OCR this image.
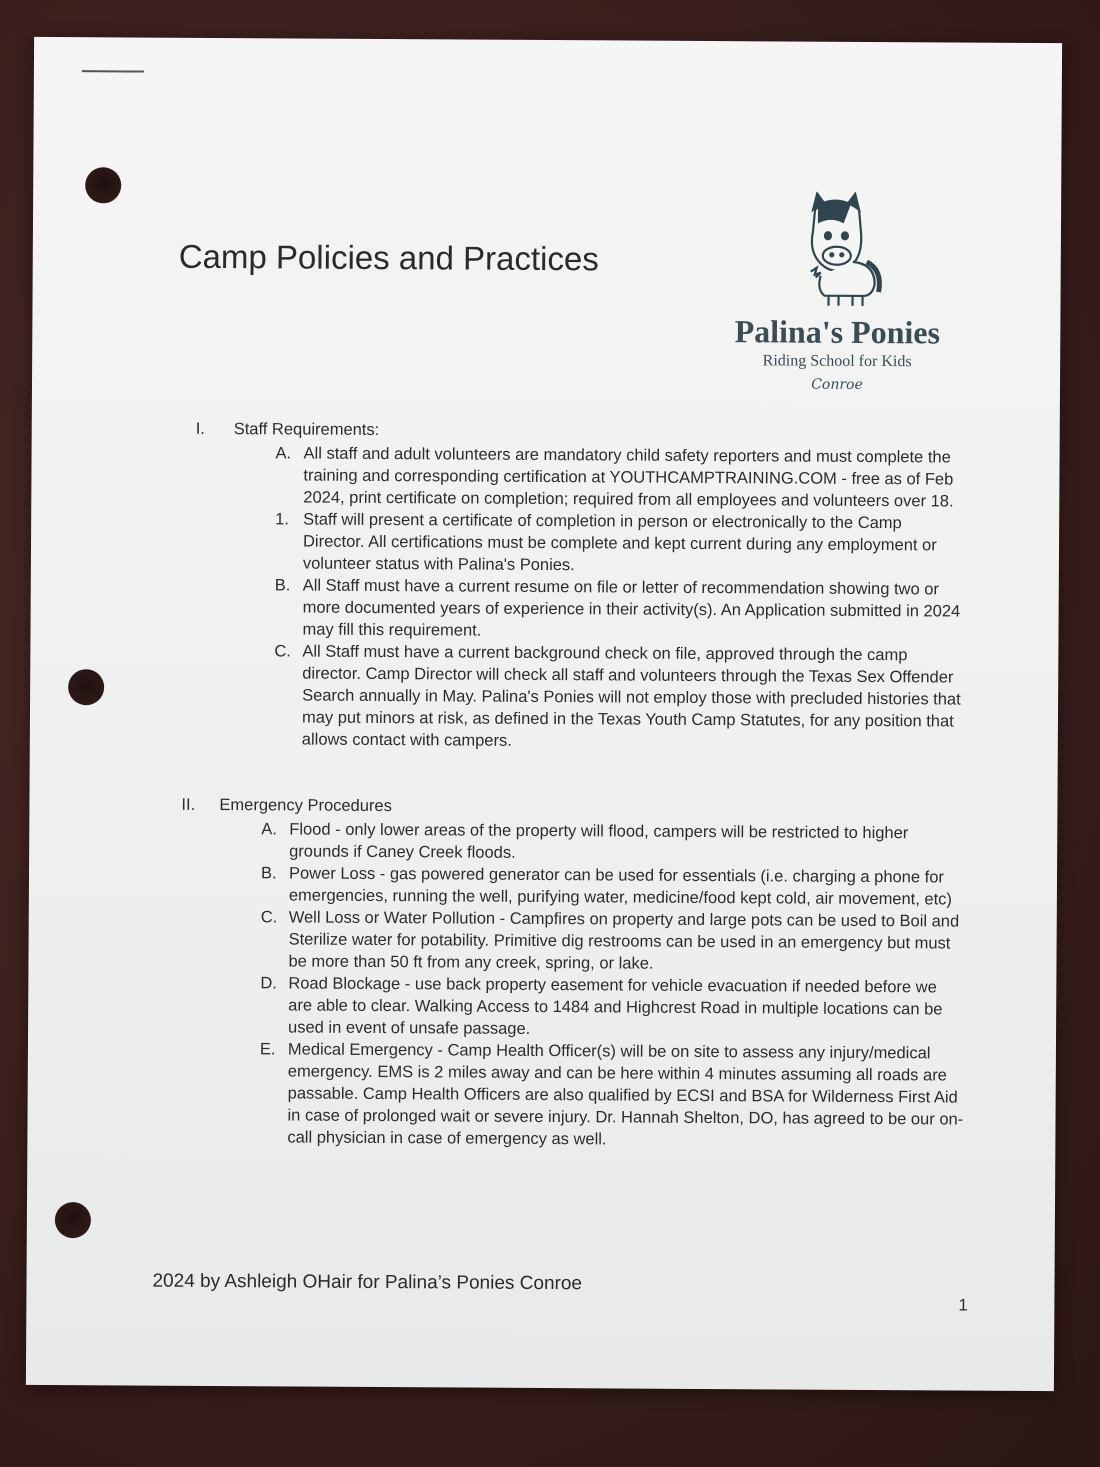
Camp Policies and Practices
Palina's Ponies
Riding School for Kids
Conroe
I.	Staff Requirements:
A. All staff and adult volunteers are mandatory child safety reporters and must complete the training and corresponding certification at YOUTHCAMPTRAINING.COM - free as of Feb 2024, print certificate on completion; required from all employees and volunteers over 18.
1. Staff will present a certificate of completion in person or electronically to the Camp Director. All certifications must be complete and kept current during any employment or volunteer status with Palina's Ponies.
B. All Staff must have a current resume on file or letter of recommendation showing two or more documented years of experience in their activity(s). An Application submitted in 2024 may fill this requirement.
C. All Staff must have a current background check on file, approved through the camp director. Camp Director will check all staff and volunteers through the Texas Sex Offender Search annually in May. Palina's Ponies will not employ those with precluded histories that may put minors at risk, as defined in the Texas Youth Camp Statutes, for any position that allows contact with campers.
II.	Emergency Procedures
A. Flood - only lower areas of the property will flood, campers will be restricted to higher grounds if Caney Creek floods.
B. Power Loss - gas powered generator can be used for essentials (i.e. charging a phone for emergencies, running the well, purifying water, medicine/food kept cold, air movement, etc)
C. Well Loss or Water Pollution - Campfires on property and large pots can be used to Boil and Sterilize water for potability. Primitive dig restrooms can be used in an emergency but must be more than 50 ft from any creek, spring, or lake.
D. Road Blockage - use back property easement for vehicle evacuation if needed before we are able to clear. Walking Access to 1484 and Highcrest Road in multiple locations can be used in event of unsafe passage.
E. Medical Emergency - Camp Health Officer(s) will be on site to assess any injury/medical emergency. EMS is 2 miles away and can be here within 4 minutes assuming all roads are passable. Camp Health Officers are also qualified by ECSI and BSA for Wilderness First Aid in case of prolonged wait or severe injury. Dr. Hannah Shelton, DO, has agreed to be our on-call physician in case of emergency as well.
2024 by Ashleigh OHair for Palina’s Ponies Conroe
1
